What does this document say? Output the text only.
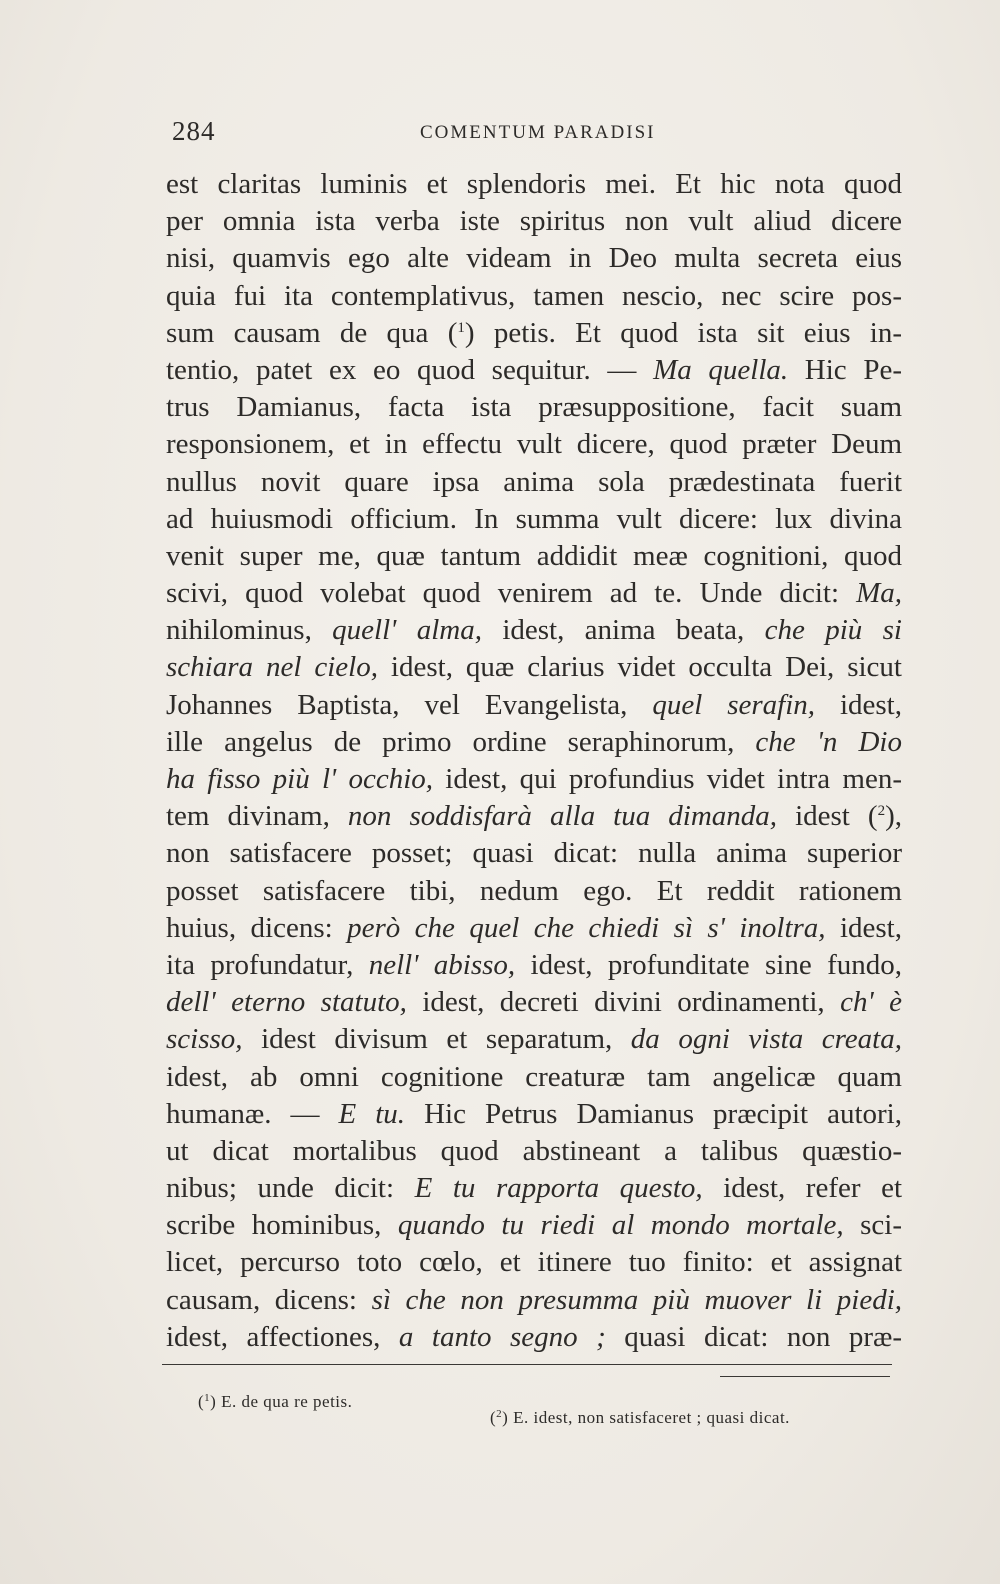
284	COMENTUM PARADISI
est claritas luminis et splendoris mei. Et hic nota quod
per omnia ista verba iste spiritus non vult aliud dicere
nisi, quamvis ego alte videam in Deo multa secreta eius
quia fui ita contemplativus, tamen nescio, nec scire pos-
sum causam de qua ($^1$) petis. Et quod ista sit eius in-
tentio, patet ex eo quod sequitur. — Ma quella. Hic Pe-
trus Damianus, facta ista præsuppositione, facit suam
responsionem, et in effectu vult dicere, quod præter Deum
nullus novit quare ipsa anima sola prædestinata fuerit
ad huiusmodi officium. In summa vult dicere: lux divina
venit super me, quæ tantum addidit meæ cognitioni, quod
scivi, quod volebat quod venirem ad te. Unde dicit: Ma,
nihilominus, quell' alma, idest, anima beata, che più si
schiara nel cielo, idest, quæ clarius videt occulta Dei, sicut
Johannes Baptista, vel Evangelista, quel serafin, idest,
ille angelus de primo ordine seraphinorum, che 'n Dio
ha fisso più l' occhio, idest, qui profundius videt intra men-
tem divinam, non soddisfarà alla tua dimanda, idest ($^2$),
non satisfacere posset; quasi dicat: nulla anima superior
posset satisfacere tibi, nedum ego. Et reddit rationem
huius, dicens: però che quel che chiedi sì s' inoltra, idest,
ita profundatur, nell' abisso, idest, profunditate sine fundo,
dell' eterno statuto, idest, decreti divini ordinamenti, ch' è
scisso, idest divisum et separatum, da ogni vista creata,
idest, ab omni cognitione creaturæ tam angelicæ quam
humanæ. — E tu. Hic Petrus Damianus præcipit autori,
ut dicat mortalibus quod abstineant a talibus quæstio-
nibus; unde dicit: E tu rapporta questo, idest, refer et
scribe hominibus, quando tu riedi al mondo mortale, sci-
licet, percurso toto cœlo, et itinere tuo finito: et assignat
causam, dicens: sì che non presumma più muover li piedi,
idest, affectiones, a tanto segno ; quasi dicat: non præ-
($^1$) E. de qua re petis.
($^2$) E. idest, non satisfaceret ; quasi dicat.
